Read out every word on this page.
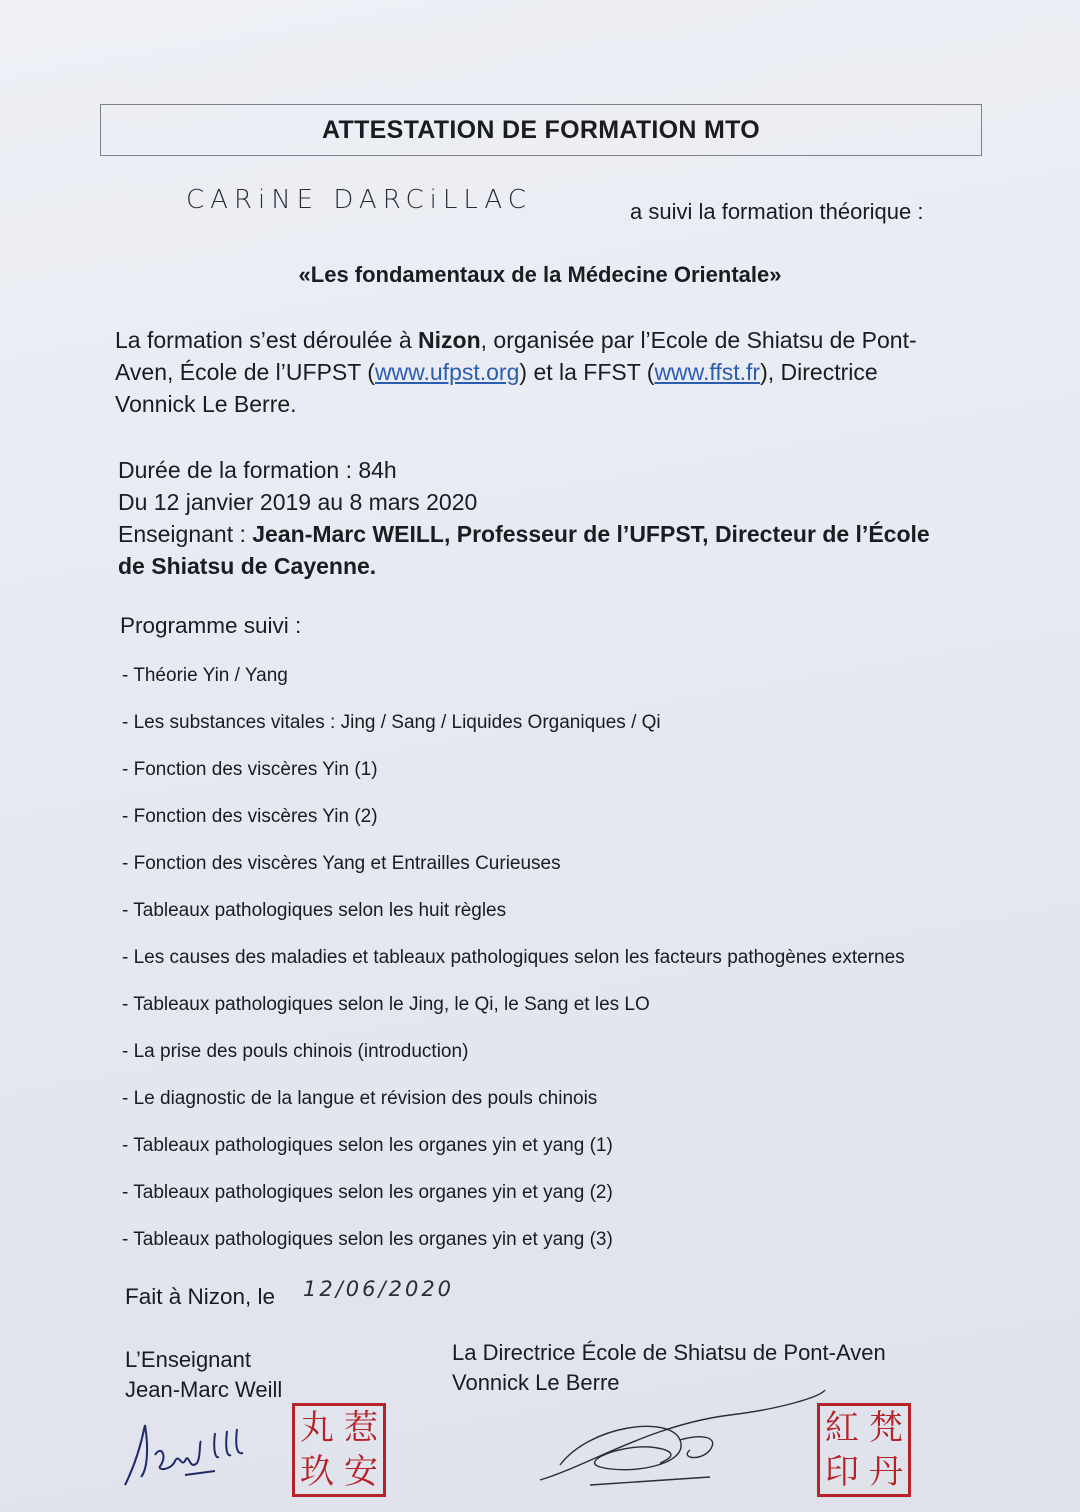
ATTESTATION DE FORMATION MTO
CARiNE DARCiLLAC	a suivi la formation théorique :
«Les fondamentaux de la Médecine Orientale»
La formation s’est déroulée à Nizon, organisée par l’Ecole de Shiatsu de Pont-Aven, École de l’UFPST (www.ufpst.org) et la FFST (www.ffst.fr), Directrice Vonnick Le Berre.
Durée de la formation : 84h
Du 12 janvier 2019 au 8 mars 2020
Enseignant : Jean-Marc WEILL, Professeur de l’UFPST, Directeur de l’École de Shiatsu de Cayenne.
Programme suivi :
- Théorie Yin / Yang
- Les substances vitales : Jing / Sang / Liquides Organiques / Qi
- Fonction des viscères Yin (1)
- Fonction des viscères Yin (2)
- Fonction des viscères Yang et Entrailles Curieuses
- Tableaux pathologiques selon les huit règles
- Les causes des maladies et tableaux pathologiques selon les facteurs pathogènes externes
- Tableaux pathologiques selon le Jing, le Qi, le Sang et les LO
- La prise des pouls chinois (introduction)
- Le diagnostic de la langue et révision des pouls chinois
- Tableaux pathologiques selon les organes yin et yang (1)
- Tableaux pathologiques selon les organes yin et yang (2)
- Tableaux pathologiques selon les organes yin et yang (3)
Fait à Nizon, le 12/06/2020
L’Enseignant
Jean-Marc Weill
La Directrice École de Shiatsu de Pont-Aven
Vonnick Le Berre
丸 惹
玖 安
紅 梵
印 丹
